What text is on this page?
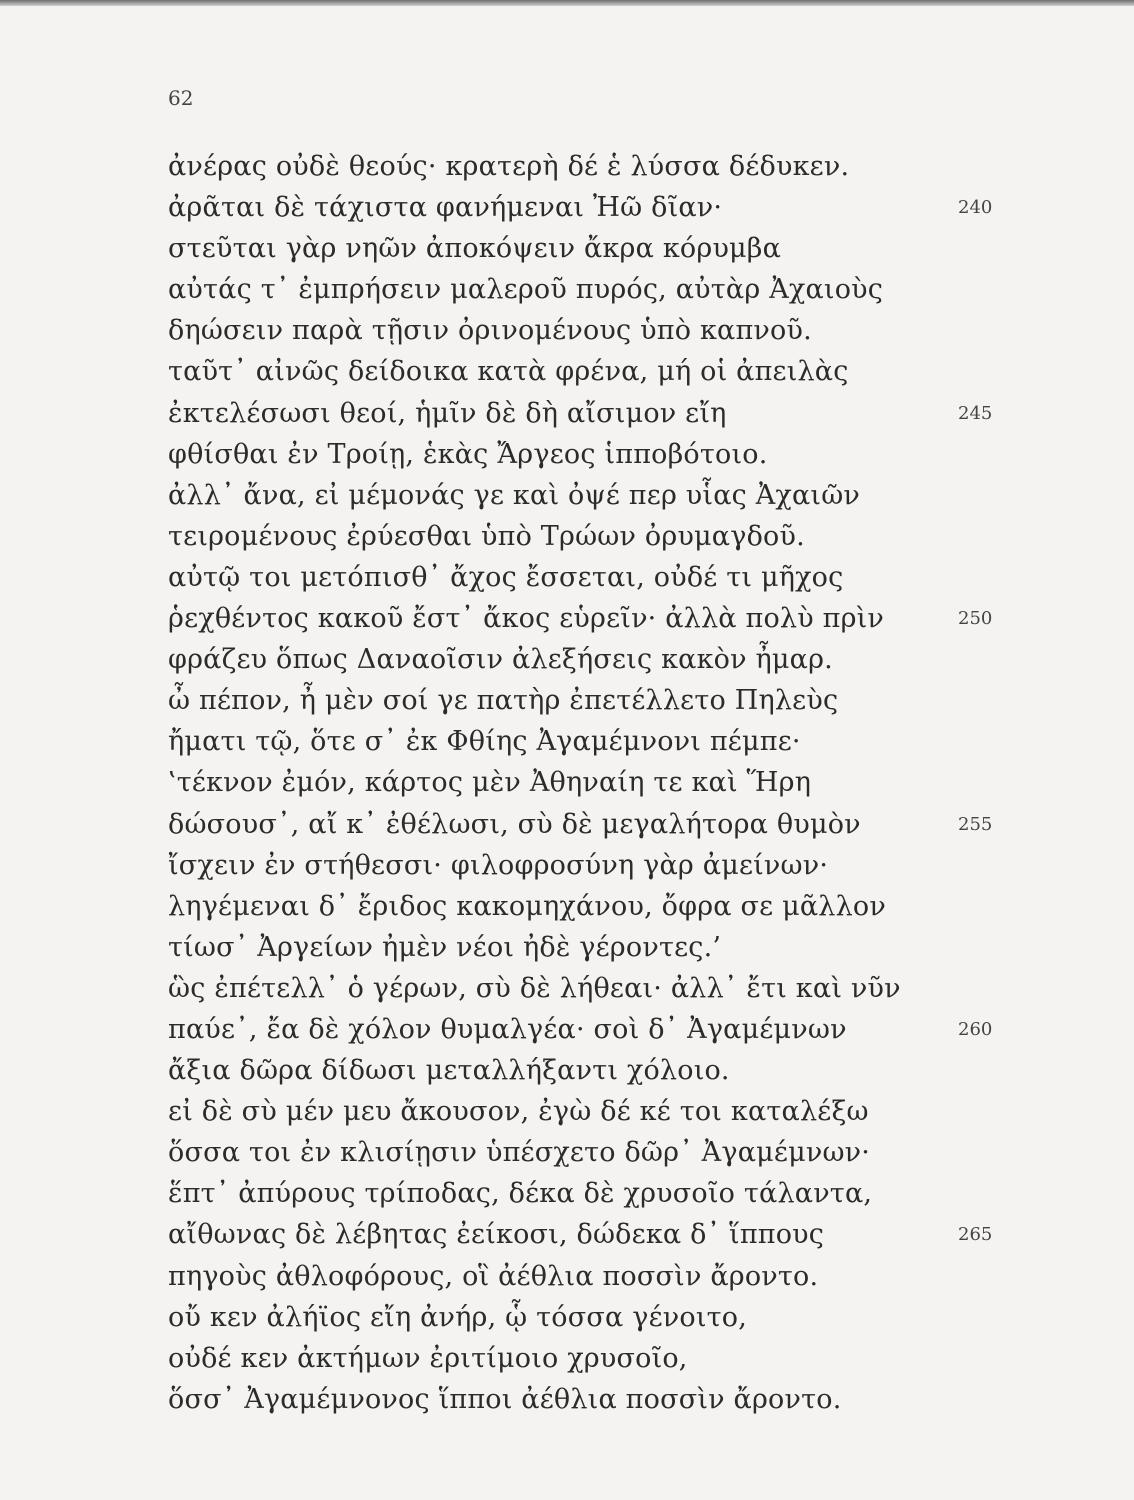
62
ἀνέρας οὐδὲ θεούς· κρατερὴ δέ ἑ λύσσα δέδυκεν.
ἀρᾶται δὲ τάχιστα φανήμεναι Ἠῶ δῖαν·	240
στεῦται γὰρ νηῶν ἀποκόψειν ἄκρα κόρυμβα
αὐτάς τ᾿ ἐμπρήσειν μαλεροῦ πυρός, αὐτὰρ Ἀχαιοὺς
δηώσειν παρὰ τῇσιν ὀρινομένους ὑπὸ καπνοῦ.
ταῦτ᾿ αἰνῶς δείδοικα κατὰ φρένα, μή οἱ ἀπειλὰς
ἐκτελέσωσι θεοί, ἡμῖν δὲ δὴ αἴσιμον εἴη	245
φθίσθαι ἐν Τροίῃ, ἑκὰς Ἄργεος ἱπποβότοιο.
ἀλλ᾿ ἄνα, εἰ μέμονάς γε καὶ ὀψέ περ υἷας Ἀχαιῶν
τειρομένους ἐρύεσθαι ὑπὸ Τρώων ὀρυμαγδοῦ.
αὐτῷ τοι μετόπισθ᾿ ἄχος ἔσσεται, οὐδέ τι μῆχος
ῥεχθέντος κακοῦ ἔστ᾿ ἄκος εὑρεῖν· ἀλλὰ πολὺ πρὶν	250
φράζευ ὅπως Δαναοῖσιν ἀλεξήσεις κακὸν ἦμαρ.
ὦ πέπον, ἦ μὲν σοί γε πατὴρ ἐπετέλλετο Πηλεὺς
ἤματι τῷ, ὅτε σ᾿ ἐκ Φθίης Ἀγαμέμνονι πέμπε·
‛τέκνον ἐμόν, κάρτος μὲν Ἀθηναίη τε καὶ Ἥρη
δώσουσ᾿, αἴ κ᾿ ἐθέλωσι, σὺ δὲ μεγαλήτορα θυμὸν	255
ἴσχειν ἐν στήθεσσι· φιλοφροσύνη γὰρ ἀμείνων·
ληγέμεναι δ᾿ ἔριδος κακομηχάνου, ὄφρα σε μᾶλλον
τίωσ᾿ Ἀργείων ἠμὲν νέοι ἠδὲ γέροντες.’
ὣς ἐπέτελλ᾿ ὁ γέρων, σὺ δὲ λήθεαι· ἀλλ᾿ ἔτι καὶ νῦν
παύε᾿, ἔα δὲ χόλον θυμαλγέα· σοὶ δ᾿ Ἀγαμέμνων	260
ἄξια δῶρα δίδωσι μεταλλήξαντι χόλοιο.
εἰ δὲ σὺ μέν μευ ἄκουσον, ἐγὼ δέ κέ τοι καταλέξω
ὅσσα τοι ἐν κλισίῃσιν ὑπέσχετο δῶρ᾿ Ἀγαμέμνων·
ἕπτ᾿ ἀπύρους τρίποδας, δέκα δὲ χρυσοῖο τάλαντα,
αἴθωνας δὲ λέβητας ἐείκοσι, δώδεκα δ᾿ ἵππους	265
πηγοὺς ἀθλοφόρους, οἳ ἀέθλια ποσσὶν ἄροντο.
οὔ κεν ἀλήϊος εἴη ἀνήρ, ᾧ τόσσα γένοιτο,
οὐδέ κεν ἀκτήμων ἐριτίμοιο χρυσοῖο,
ὅσσ᾿ Ἀγαμέμνονος ἵπποι ἀέθλια ποσσὶν ἄροντο.
